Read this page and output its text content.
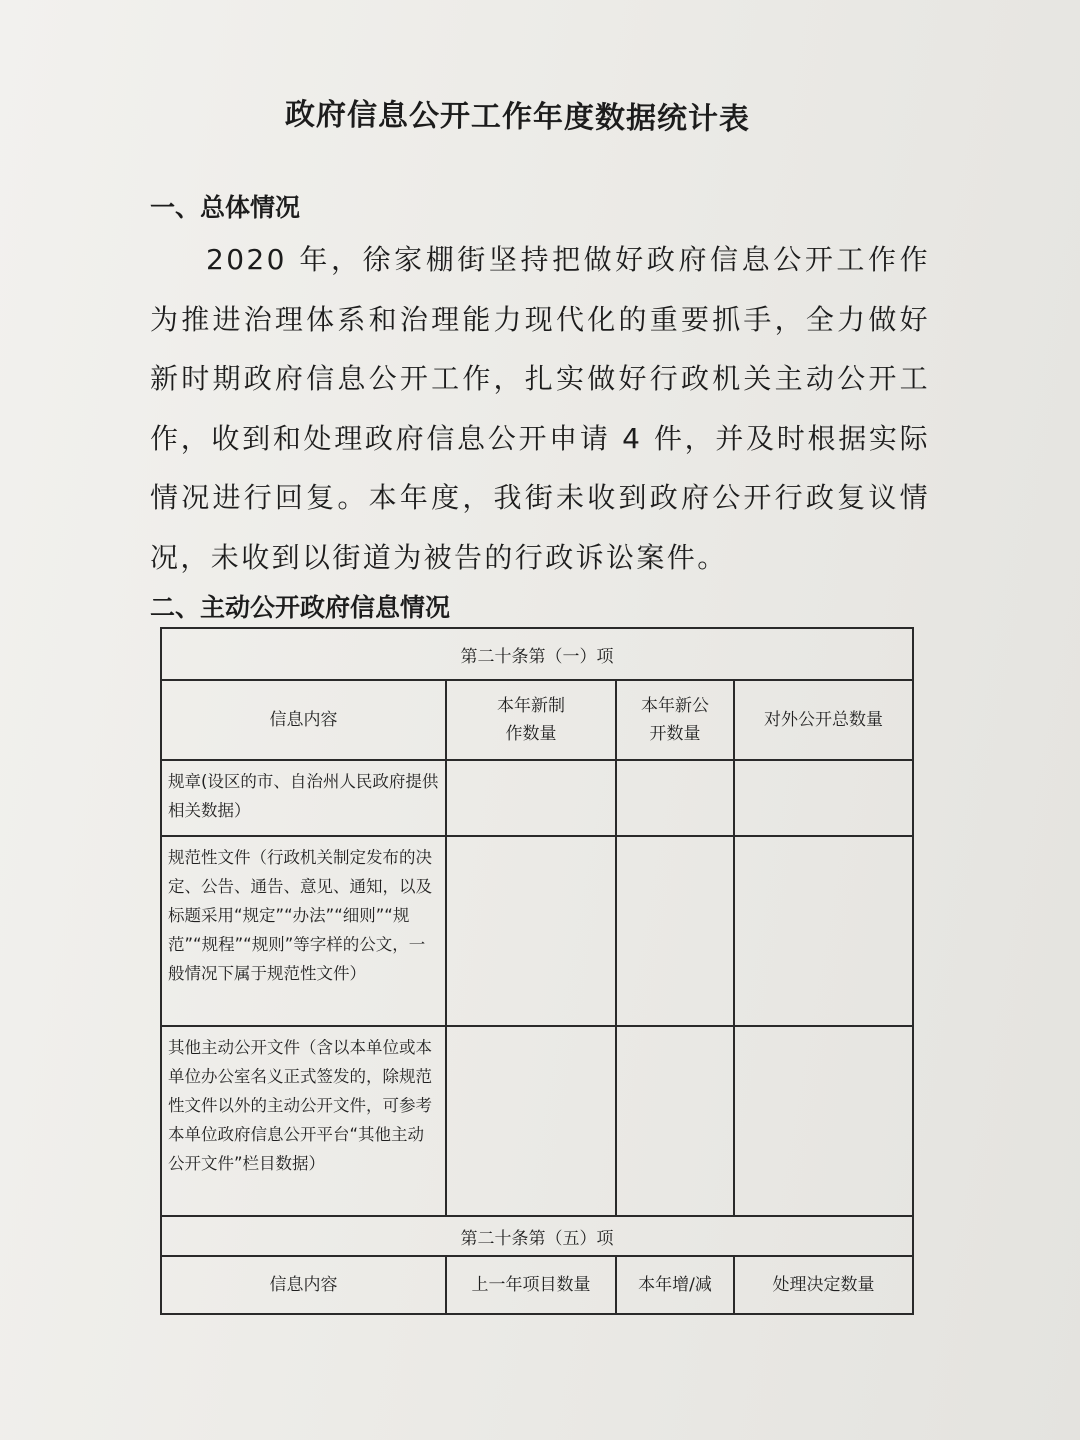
政府信息公开工作年度数据统计表
一、总体情况

2020 年，徐家棚街坚持把做好政府信息公开工作作为推进治理体系和治理能力现代化的重要抓手，全力做好新时期政府信息公开工作，扎实做好行政机关主动公开工作，收到和处理政府信息公开申请 4 件，并及时根据实际情况进行回复。本年度，我街未收到政府公开行政复议情况，未收到以街道为被告的行政诉讼案件。

二、主动公开政府信息情况
第二十条第（一）项			
信息内容	本年新制作数量	本年新公开数量	对外公开总数量
规章(设区的市、自治州人民政府提供相关数据）			
规范性文件（行政机关制定发布的决定、公告、通告、意见、通知，以及标题采用“规定”“办法”“细则”“规范”“规程”“规则”等字样的公文，一般情况下属于规范性文件）			
其他主动公开文件（含以本单位或本单位办公室名义正式签发的，除规范性文件以外的主动公开文件，可参考本单位政府信息公开平台“其他主动公开文件”栏目数据）			
第二十条第（五）项			
信息内容	上一年项目数量	本年增/减	处理决定数量
